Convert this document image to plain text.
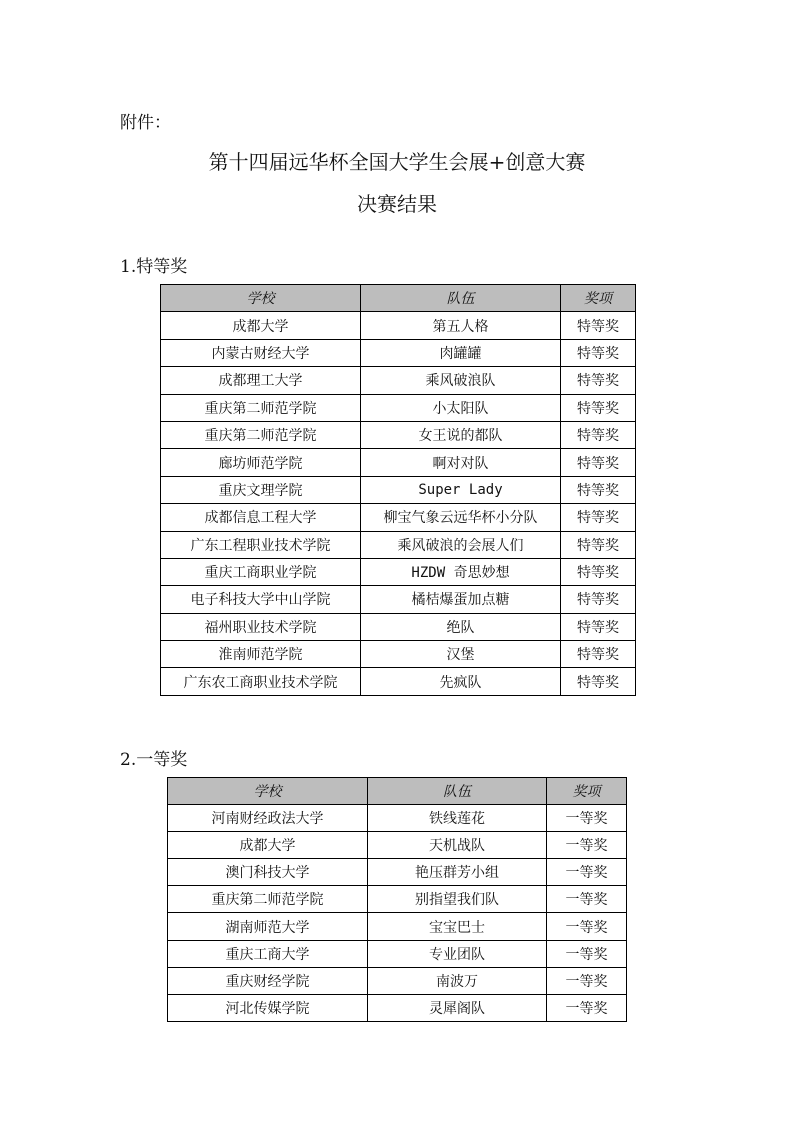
附件：
第十四届远华杯全国大学生会展+创意大赛
决赛结果
1.特等奖
学校	队伍	奖项
成都大学	第五人格	特等奖
内蒙古财经大学	肉罐罐	特等奖
成都理工大学	乘风破浪队	特等奖
重庆第二师范学院	小太阳队	特等奖
重庆第二师范学院	女王说的都队	特等奖
廊坊师范学院	啊对对队	特等奖
重庆文理学院	Super Lady	特等奖
成都信息工程大学	柳宝气象云远华杯小分队	特等奖
广东工程职业技术学院	乘风破浪的会展人们	特等奖
重庆工商职业学院	HZDW 奇思妙想	特等奖
电子科技大学中山学院	橘桔爆蛋加点糖	特等奖
福州职业技术学院	绝队	特等奖
淮南师范学院	汉堡	特等奖
广东农工商职业技术学院	先疯队	特等奖
2.一等奖
学校	队伍	奖项
河南财经政法大学	铁线莲花	一等奖
成都大学	天机战队	一等奖
澳门科技大学	艳压群芳小组	一等奖
重庆第二师范学院	别指望我们队	一等奖
湖南师范大学	宝宝巴士	一等奖
重庆工商大学	专业团队	一等奖
重庆财经学院	南波万	一等奖
河北传媒学院	灵犀阁队	一等奖
